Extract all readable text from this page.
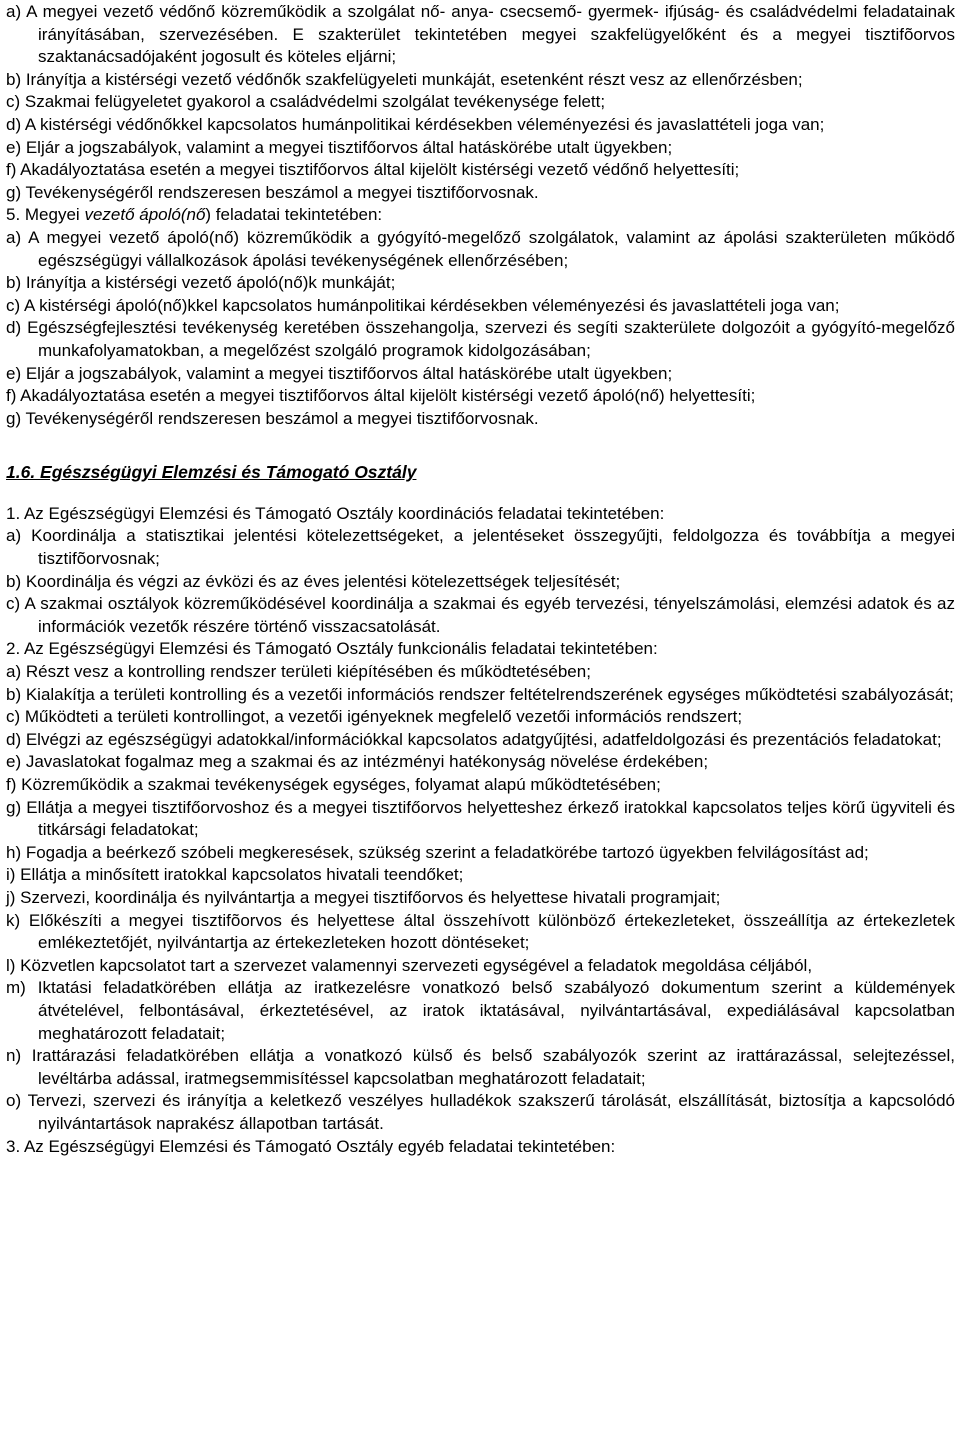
a) A megyei vezető védőnő közreműködik a szolgálat nő- anya- csecsemő- gyermek- ifjúság- és családvédelmi feladatainak irányításában, szervezésében. E szakterület tekintetében megyei szakfelügyelőként és a megyei tisztifõorvos szaktanácsadójaként jogosult és köteles eljárni;

b) Irányítja a kistérségi vezető védőnők szakfelügyeleti munkáját, esetenként részt vesz az ellenőrzésben;

c) Szakmai felügyeletet gyakorol a családvédelmi szolgálat tevékenysége felett;

d) A kistérségi védőnőkkel kapcsolatos humánpolitikai kérdésekben véleményezési és javaslattételi joga van;

e) Eljár a jogszabályok, valamint a megyei tisztifőorvos által hatáskörébe utalt ügyekben;

f) Akadályoztatása esetén a megyei tisztifőorvos által kijelölt kistérségi vezető védőnő helyettesíti;

g) Tevékenységéről rendszeresen beszámol a megyei tisztifőorvosnak.

5. Megyei vezető ápoló(nő) feladatai tekintetében:

a) A megyei vezető ápoló(nő) közreműködik a gyógyító-megelőző szolgálatok, valamint az ápolási szakterületen működő egészségügyi vállalkozások ápolási tevékenységének ellenőrzésében;

b) Irányítja a kistérségi vezető ápoló(nő)k munkáját;

c) A kistérségi ápoló(nő)kkel kapcsolatos humánpolitikai kérdésekben véleményezési és javaslattételi joga van;

d) Egészségfejlesztési tevékenység keretében összehangolja, szervezi és segíti szakterülete dolgozóit a gyógyító-megelőző munkafolyamatokban, a megelőzést szolgáló programok kidolgozásában;

e) Eljár a jogszabályok, valamint a megyei tisztifőorvos által hatáskörébe utalt ügyekben;

f) Akadályoztatása esetén a megyei tisztifőorvos által kijelölt kistérségi vezető ápoló(nő) helyettesíti;

g) Tevékenységéről rendszeresen beszámol a megyei tisztifőorvosnak.

1.6. Egészségügyi Elemzési és Támogató Osztály

1. Az Egészségügyi Elemzési és Támogató Osztály koordinációs feladatai tekintetében:

a) Koordinálja a statisztikai jelentési kötelezettségeket, a jelentéseket összegyűjti, feldolgozza és továbbítja a megyei tisztifõorvosnak;

b) Koordinálja és végzi az évközi és az éves jelentési kötelezettségek teljesítését;

c) A szakmai osztályok közreműködésével koordinálja a szakmai és egyéb tervezési, tényelszámolási, elemzési adatok és az információk vezetők részére történő visszacsatolását.

2. Az Egészségügyi Elemzési és Támogató Osztály funkcionális feladatai tekintetében:

a) Részt vesz a kontrolling rendszer területi kiépítésében és működtetésében;

b) Kialakítja a területi kontrolling és a vezetői információs rendszer feltételrendszerének egységes működtetési szabályozását;

c) Működteti a területi kontrollingot, a vezetői igényeknek megfelelő vezetői információs rendszert;

d) Elvégzi az egészségügyi adatokkal/információkkal kapcsolatos adatgyűjtési, adatfeldolgozási és prezentációs feladatokat;

e) Javaslatokat fogalmaz meg a szakmai és az intézményi hatékonyság növelése érdekében;

f) Közreműködik a szakmai tevékenységek egységes, folyamat alapú működtetésében;

g) Ellátja a megyei tisztifőorvoshoz és a megyei tisztifőorvos helyetteshez érkező iratokkal kapcsolatos teljes körű ügyviteli és titkársági feladatokat;

h) Fogadja a beérkező szóbeli megkeresések, szükség szerint a feladatkörébe tartozó ügyekben felvilágosítást ad;

i) Ellátja a minősített iratokkal kapcsolatos hivatali teendőket;

j) Szervezi, koordinálja és nyilvántartja a megyei tisztifőorvos és helyettese hivatali programjait;

k) Előkészíti a megyei tisztifõorvos és helyettese által összehívott különböző értekezleteket, összeállítja az értekezletek emlékeztetőjét, nyilvántartja az értekezleteken hozott döntéseket;

l) Közvetlen kapcsolatot tart a szervezet valamennyi szervezeti egységével a feladatok megoldása céljából,

m) Iktatási feladatkörében ellátja az iratkezelésre vonatkozó belső szabályozó dokumentum szerint a küldemények átvételével, felbontásával, érkeztetésével, az iratok iktatásával, nyilvántartásával, expediálásával kapcsolatban meghatározott feladatait;

n) Irattárazási feladatkörében ellátja a vonatkozó külső és belső szabályozók szerint az irattárazással, selejtezéssel, levéltárba adással, iratmegsemmisítéssel kapcsolatban meghatározott feladatait;

o) Tervezi, szervezi és irányítja a keletkező veszélyes hulladékok szakszerű tárolását, elszállítását, biztosítja a kapcsolódó nyilvántartások naprakész állapotban tartását.

3. Az Egészségügyi Elemzési és Támogató Osztály egyéb feladatai tekintetében:
